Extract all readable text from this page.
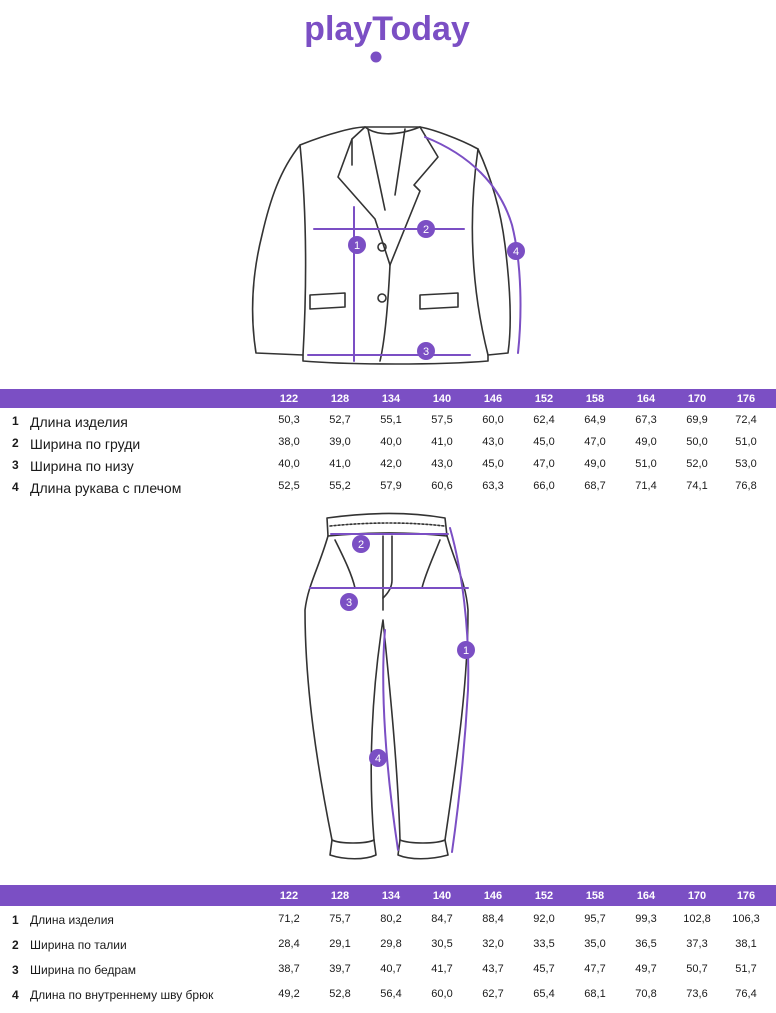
playToday
1
2
3
4
122	128	134	140	146	152	158	164	170	176
1 Длина изделия	50,3	52,7	55,1	57,5	60,0	62,4	64,9	67,3	69,9	72,4
2 Ширина по груди	38,0	39,0	40,0	41,0	43,0	45,0	47,0	49,0	50,0	51,0
3 Ширина по низу	40,0	41,0	42,0	43,0	45,0	47,0	49,0	51,0	52,0	53,0
4 Длина рукава с плечом	52,5	55,2	57,9	60,6	63,3	66,0	68,7	71,4	74,1	76,8
1
2
3
4
122	128	134	140	146	152	158	164	170	176
1 Длина изделия	71,2	75,7	80,2	84,7	88,4	92,0	95,7	99,3	102,8	106,3
2 Ширина по талии	28,4	29,1	29,8	30,5	32,0	33,5	35,0	36,5	37,3	38,1
3 Ширина по бедрам	38,7	39,7	40,7	41,7	43,7	45,7	47,7	49,7	50,7	51,7
4 Длина по внутреннему шву брюк	49,2	52,8	56,4	60,0	62,7	65,4	68,1	70,8	73,6	76,4
